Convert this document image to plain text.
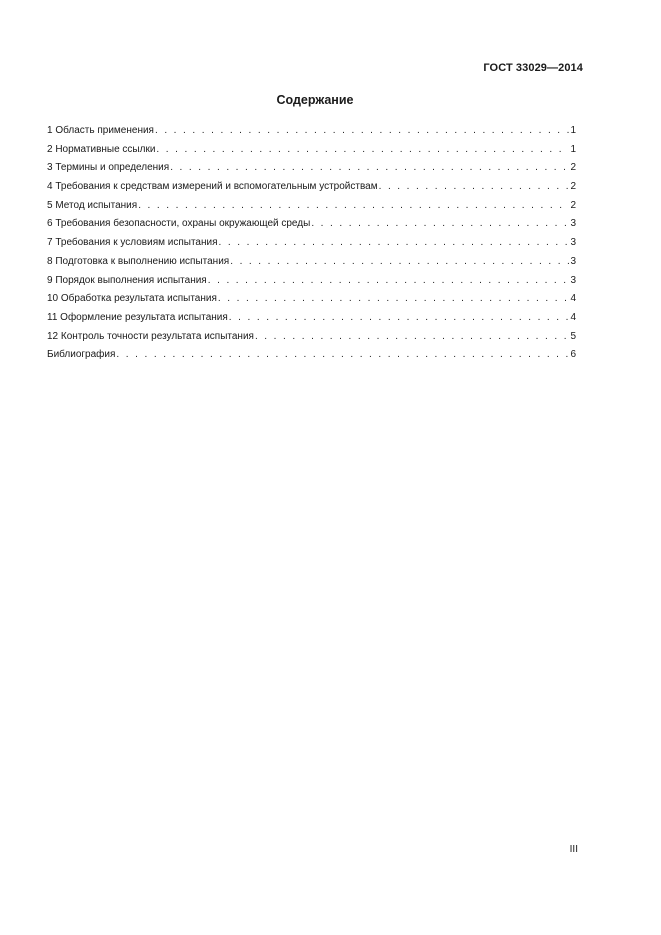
ГОСТ 33029—2014
Содержание
1 Область применения . . .	1
2 Нормативные ссылки . . .	1
3 Термины и определения . . .	2
4 Требования к средствам измерений и вспомогательным устройствам . . .	2
5 Метод испытания . . .	2
6 Требования безопасности, охраны окружающей среды . . .	3
7 Требования к условиям испытания . . .	3
8 Подготовка к выполнению испытания . . .	3
9 Порядок выполнения испытания . . .	3
10 Обработка результата испытания . . .	4
11 Оформление результата испытания . . .	4
12 Контроль точности результата испытания . . .	5
Библиография . . .	6
III
